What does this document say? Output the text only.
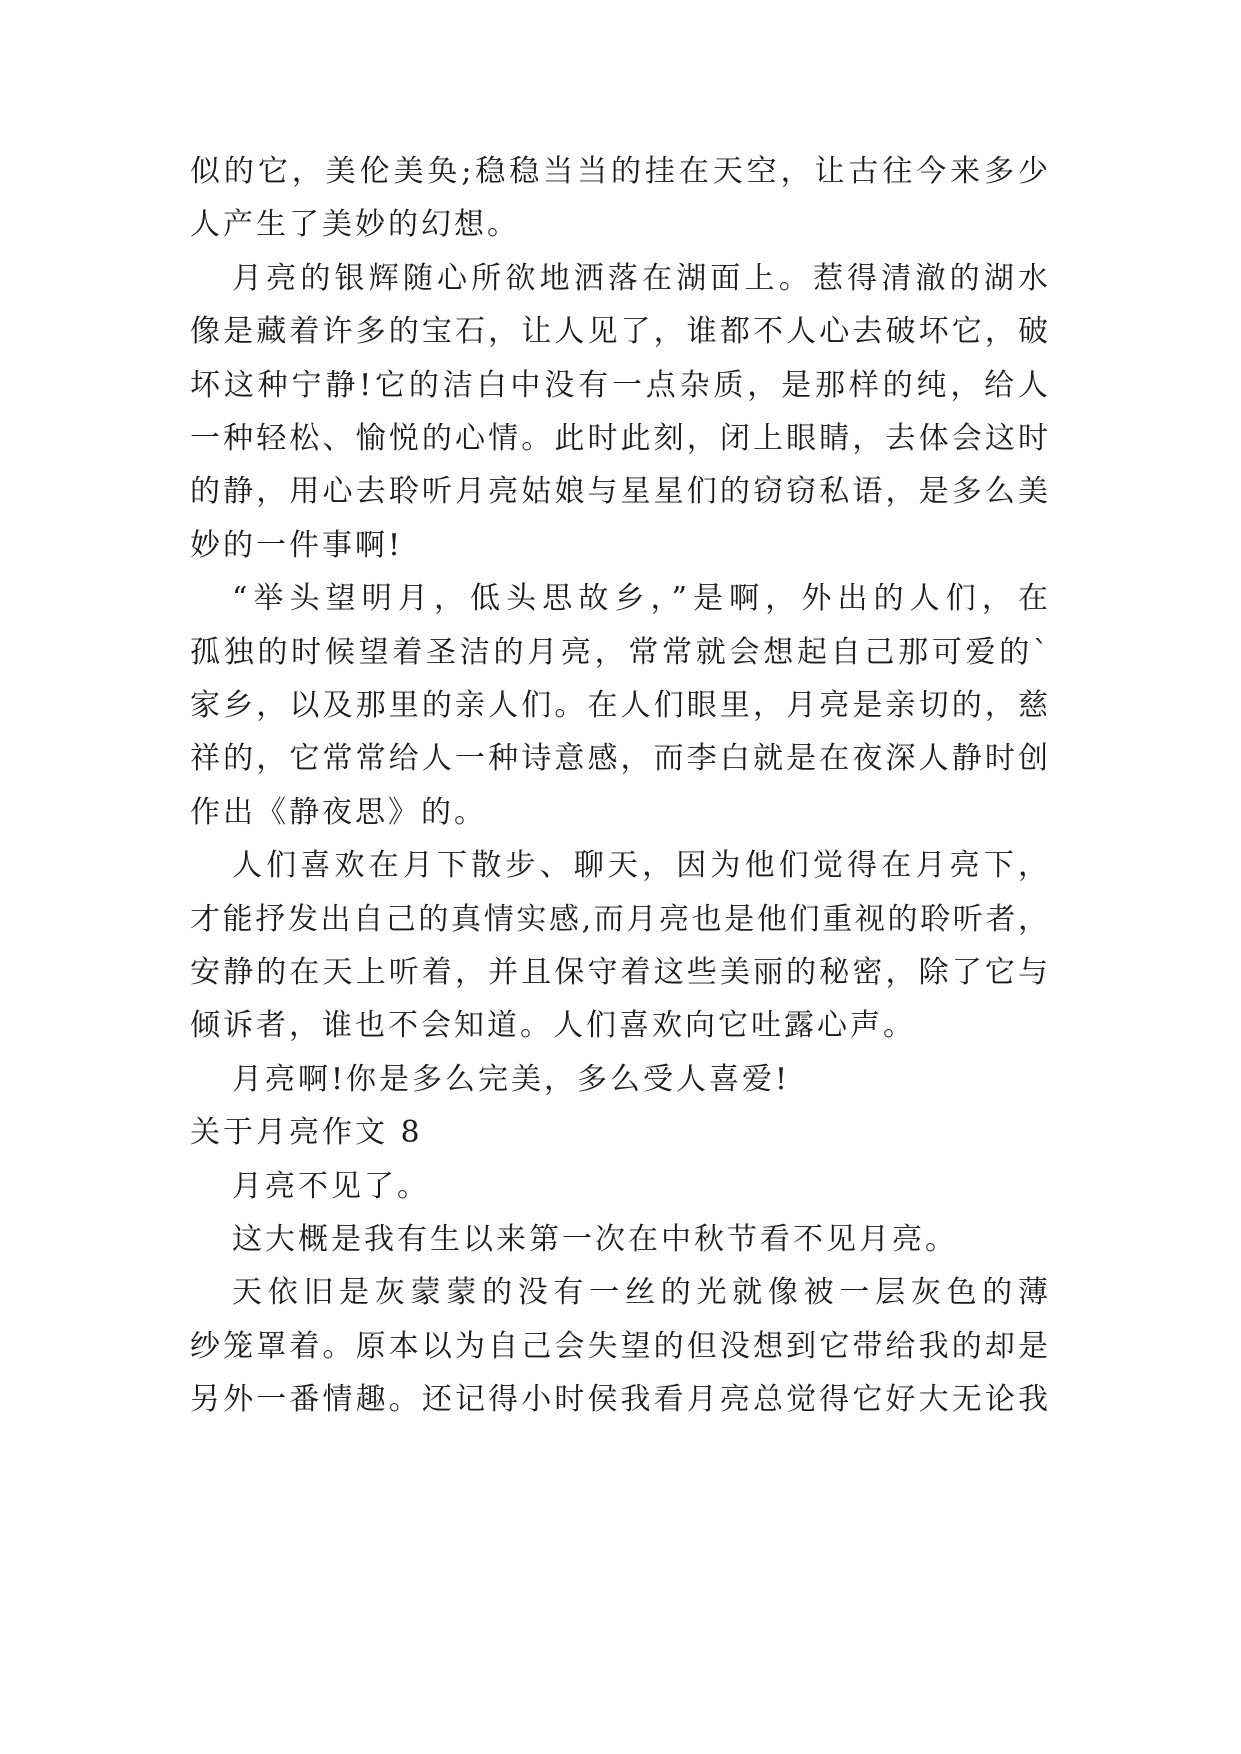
似的它，美伦美奂;稳稳当当的挂在天空，让古往今来多少
人产生了美妙的幻想。
月亮的银辉随心所欲地洒落在湖面上。惹得清澈的湖水
像是藏着许多的宝石，让人见了，谁都不人心去破坏它，破
坏这种宁静!它的洁白中没有一点杂质，是那样的纯，给人
一种轻松、愉悦的心情。此时此刻，闭上眼睛，去体会这时
的静，用心去聆听月亮姑娘与星星们的窃窃私语，是多么美
妙的一件事啊!
“举头望明月，低头思故乡，”是啊，外出的人们，在
孤独的时候望着圣洁的月亮，常常就会想起自己那可爱的`
家乡，以及那里的亲人们。在人们眼里，月亮是亲切的，慈
祥的，它常常给人一种诗意感，而李白就是在夜深人静时创
作出《静夜思》的。
人们喜欢在月下散步、聊天，因为他们觉得在月亮下，
才能抒发出自己的真情实感,而月亮也是他们重视的聆听者，
安静的在天上听着，并且保守着这些美丽的秘密，除了它与
倾诉者，谁也不会知道。人们喜欢向它吐露心声。
月亮啊!你是多么完美，多么受人喜爱!
关于月亮作文 8
月亮不见了。
这大概是我有生以来第一次在中秋节看不见月亮。
天依旧是灰蒙蒙的没有一丝的光就像被一层灰色的薄
纱笼罩着。原本以为自己会失望的但没想到它带给我的却是
另外一番情趣。还记得小时侯我看月亮总觉得它好大无论我
